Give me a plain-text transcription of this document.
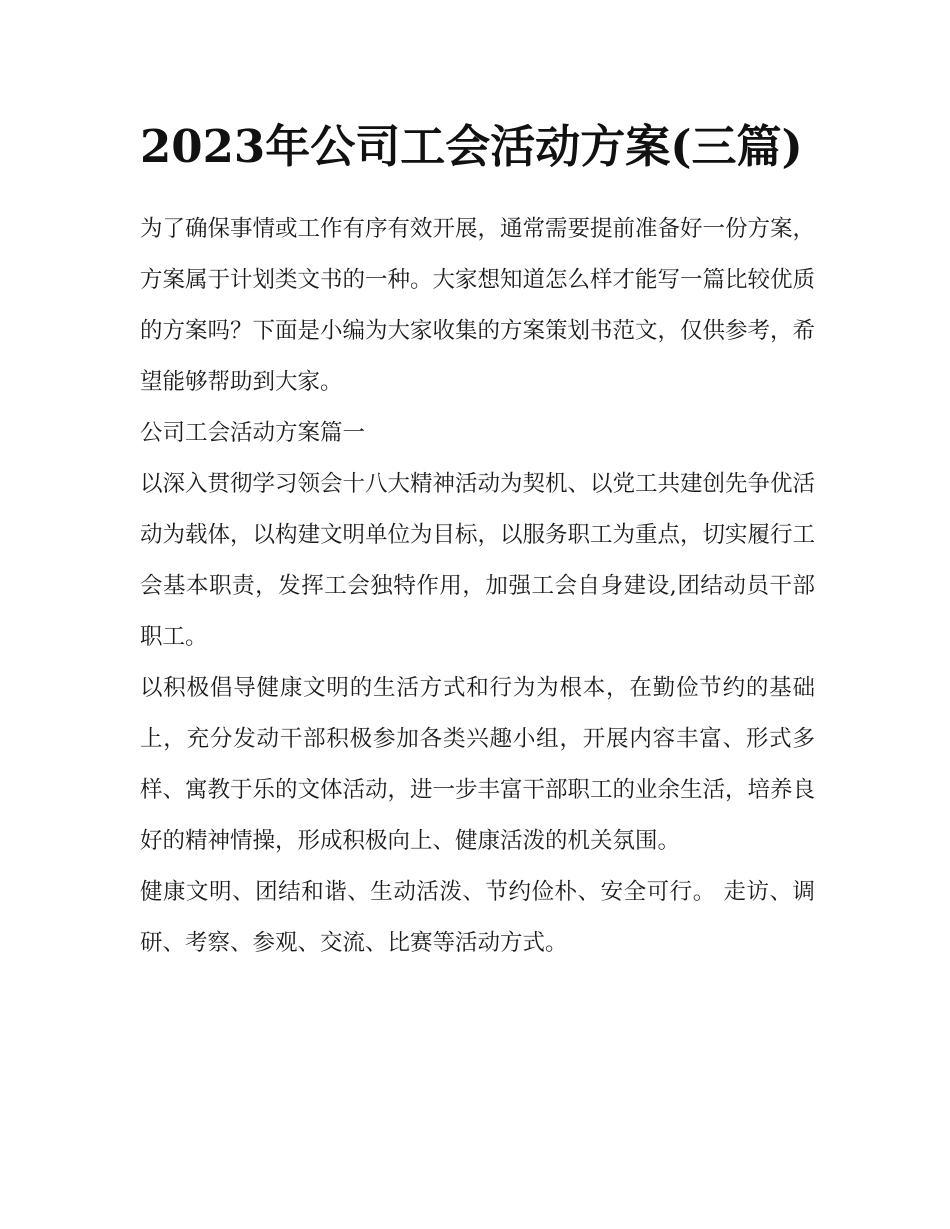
2023年公司工会活动方案(三篇)

为了确保事情或工作有序有效开展，通常需要提前准备好一份方案，方案属于计划类文书的一种。大家想知道怎么样才能写一篇比较优质的方案吗？下面是小编为大家收集的方案策划书范文，仅供参考，希望能够帮助到大家。

公司工会活动方案篇一

以深入贯彻学习领会十八大精神活动为契机、以党工共建创先争优活动为载体，以构建文明单位为目标，以服务职工为重点，切实履行工会基本职责，发挥工会独特作用，加强工会自身建设,团结动员干部职工。

以积极倡导健康文明的生活方式和行为为根本，在勤俭节约的基础上，充分发动干部积极参加各类兴趣小组，开展内容丰富、形式多样、寓教于乐的文体活动，进一步丰富干部职工的业余生活，培养良好的精神情操，形成积极向上、健康活泼的机关氛围。

健康文明、团结和谐、生动活泼、节约俭朴、安全可行。 走访、调研、考察、参观、交流、比赛等活动方式。
